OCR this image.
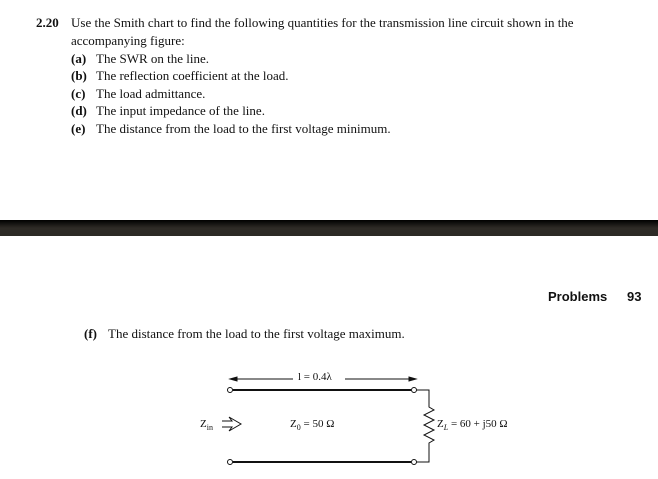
2.20 Use the Smith chart to find the following quantities for the transmission line circuit shown in the
accompanying figure:
(a) The SWR on the line.
(b) The reflection coefficient at the load.
(c) The load admittance.
(d) The input impedance of the line.
(e) The distance from the load to the first voltage minimum.
Problems 93
(f) The distance from the load to the first voltage maximum.
l = 0.4λ
$Z_{in}$	$Z_0 = 50$ Ω	$Z_L = 60 + j50$ Ω
